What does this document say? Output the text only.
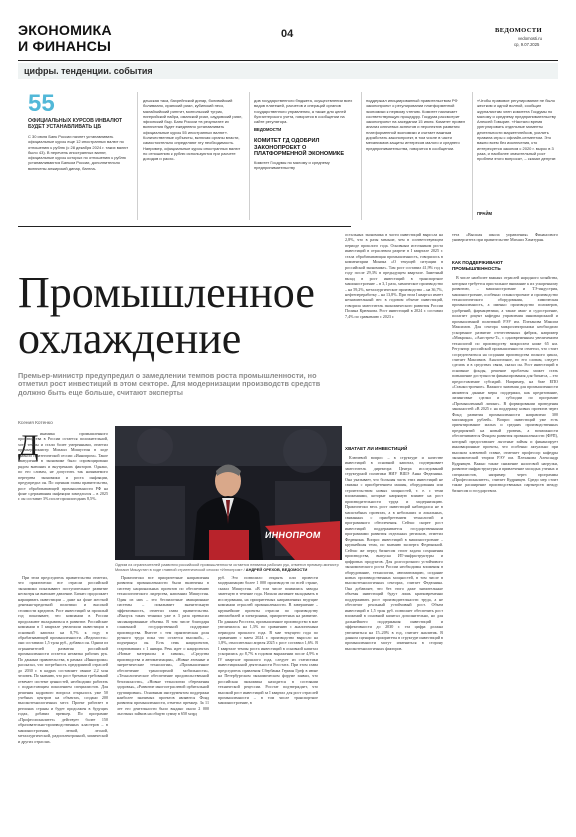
ЭКОНОМИКА
И ФИНАНСЫ
04	ВЕДОМОСТИ
vedomosti.ru
ср, 9.07.2025
цифры. тенденции. события
55
ОФИЦИАЛЬНЫХ КУРСОВ ИНВАЛЮТ БУДЕТ УСТАНАВЛИВАТЬ ЦБ
С 30 июля Банк России начнет устанавливать официальные курсы еще 12 иностранных валют по отношению к рублю (с 28 декабря 2024 г. таких валют было 43). В перечень иностранных валют, официальные курсы которых по отношению к рублю устанавливаются Банком России, дополнительно включены алжирский динар, бангла-
дешская така, бахрейнский динар, боливийский боливиано, иранский риал, кубинский песо, малайзийский ринггит, монгольский тугрик, нигерийский найра, оманский риал, саудовский риял, эфиопский быр. Банк России «в результате их включения будет ежедневно устанавливать официальные курсы 55 иностранных валют». Количественные субъекты, включая органы власти, самостоятельно определяют эту необходимость. Например, официальные курсы иностранных валют по отношению к рублю используются при расчете доходов и расхо-
дов государственного бюджета, осуществлении всех видов платежей, расчетов и операций органов государственного управления, а также для целей бухгалтерского учета, говорится в сообщении на сайте регулятора.
ВЕДОМОСТИ
КОМИТЕТ ГД ОДОБРИЛ ЗАКОНОПРОЕКТ О ПЛАТФОРМЕННОЙ ЭКОНОМИКЕ
Комитет Госдумы по малому и среднему предпринимательству
поддержал инициированный правительством РФ законопроект о регулировании платформенной экономики к первому чтению. Комитет назначает соответствующую процедуру. Госдума рассмотрит законопроект на заседании 15 июля. Комитет провел анализ ключевых аспектов и перспектив развития платформенной экономики и считает важным доработать законопроект, в том числе в части механизмов защиты интересов малого и среднего предпринимательства, говорится в сообщении.
«Чтобы правовое регулирование не было жестким и одной волной, сообщил журналистам член комитета Госдумы по малому и среднему предпринимательству Алексей Говырин. «Настало время урегулировать отдельные моменты деятельности маркетплейсов, усилить правила игры с офлайн-сегментом. Это важно всем без исключения, кто интересуется законом с 2020 г. вырос в 3 раза, и наиболее значительный рост проблем этого вопроса», – сказал депутат.
ПРАЙМ
Промышленное
охлаждение
Премьер-министр предупредил о замедлении темпов роста промышленности, но отметил рост инвестиций в этом секторе. Для модернизации производств средств должно быть еще больше, считают эксперты
Ксения Котенко
Д инамика промышленного производства в России остается положительной, хотя темпы и стали более умеренными, отметил премьер-министр Михаил Мишустин в ходе главной стратегической сессии «Иннопром». Такое замедление в экономике было спровоцировано рядом внешних и внутренних факторов. Однако, по его словам, не допустить так называемого перегрева экономики и роста инфляции, предупредил он. По оценкам главы правительства, рост обрабатывающей промышленности РФ на фоне сдерживания инфляции замедлился – в 2025 г. он составит 3% после прошлогодних 8,5%.
ИННОПРОМ
Одним из ограничителей развития российской промышленности остается нехватка рабочих рук, отметил премьер-министр Михаил Мишустин в ходе главной стратегической сессии «Иннопром» / АНДРЕЙ ОРЕХОВ, ВЕДОМОСТИ
При этом председатель правительства отметил, что практически все отрасли российской экономики показывают поступательное развитие несмотря на внешнее давление. Бизнес продолжает наращивать инвестиции – даже на фоне жесткой денежно-кредитной политики и высокой стоимости кредитов. Рост инвестиций за прошлый год показывает, что компании в России продолжают вкладываться в развитие. Российские компании в I квартале увеличили инвестиции в основной капитал на 8,7% к году в обрабатывающей промышленности. «Ведомости»: они составили 1,5 трлн руб., добавил он. Одним из ограничителей развития российской промышленности остается нехватка рабочих рук. По данным правительства, в рамках «Иннопрома» рассказал, что потребность предприятий отраслей до 2030 г. в кадрах составляет свыше 2,2 млн человек. По мнению, что рост бремени требований отвечает системе ценностей, необходимо работать с подрастающим поколением специалистов. Для решения кадрового вопроса открылось уже 50 учебных центров на объектах, создано 200 высокотехнологичных мест. Проект работает в регионах страны и будет продолжен в будущих годах, добавил премьер. По программе «Профессионалитет» действует более 150 образовательно-производственных кластеров – в машиностроении, легкой, лесной, металлургической, радиоэлектронной, химической и других отраслях.
Практически все приоритетные направления развития промышленности были включены в систему национальных проектов по обеспечению технологического лидерства, напомнил Мишустин. Один из них – это беспилотные авиационные системы – показывает значительную эффективность, отметил глава правительства. «Выпуск таких техники уже в 3 раза превысил запланированные объемы. В том числе благодаря слаженной государственной поддержке производства. Вместе с тем практическая доля ручного труда пока что остается высокой», – подчеркнул он. Есть семь нацпроектов, стартовавших с 1 января. Речь идет о нацпроектах «Новые материалы и химия», «Средства производства и автоматизации», «Новые атомные и энергетические технологии», «Промышленное обеспечение транспортной мобильности», «Технологическое обеспечение продовольственной безопасности», «Новые технологии сбережения здоровья», «Развитие многоотраслевой орбитальной группировки». Основным инструментом поддержки наиболее значимых проектов являются Фонд развития промышленности, отметил премьер. За 11 лет его деятельности было выдано около 2 000 льготных займов на общую сумму в 650 млрд
руб. Это позволило открыть или провести модернизацию более 1 000 производств по всей стране, сказал Мишустин. «В том числе появились заводы заметную в течение года. Начали активнее вкладывать в исследования, на приоритетных направлениях ведущие компании отраслей промышленности. В завершение – крупнейшие проекты отрасли по производству автомобилей и электроники, приоритетных на развитие. По данным Росстата, промышленное производство в мае увеличилось на 1,3% по сравнению с аналогичным периодом прошлого года. В мае текущего года по сравнению с маем 2024 г. производство выросло на 1,8%, относительно апреля 2025 г. рост составил 1,6%. В I квартале темпы роста инвестиций в основной капитал ускорились до 8,7% в годовом выражении после 4,9% в IV квартале прошлого года, следует из статистики инвестиционной деятельности Росстата. При этом глава председатель правления Сбербанка Герман Греф в июне на Петербургском экономическом форуме заявил, что российская экономика находится в состоянии технической рецессии. Росстат подтверждает, что высокий рост инвестиций за I квартал для рост отраслей промышленности – в том числе транспортное машиностроение, в
остальных экономика в части инвестиций выросла на 2,8%, что в разы меньше, чем в соответствующем периоде прошлого года. Основным источником роста инвестиций в отраслевом разрезе в I квартале 2025 г. стала обрабатывающая промышленность, говорилось в комментарии Минэка «О текущей ситуации в российской экономике». Там рост составил 41,9% год к году после 29,3% в предыдущем квартале. Заметный вклад в рост инвестиций в транспортное машиностроение – в 3,1 раза, химическое производство – на 59,2%, металлургическое производство – на 36,7%, нефтепереработку – на 13,8%. При этом I квартал имеет незначительный вес в годовом объеме инвестиций, говорила заместитель экономического развития России Полина Крючкова. Рост инвестиций в 2024 г. составил 7,4% по сравнению с 2023 г.
ХВАТАЕТ ЛИ ИНВЕСТИЦИЙ
Ключевой вопрос – в структуре и качестве инвестиций в основной капитал, подчеркивает заместитель директора Центра исследований структурной политики НИУ ВШЭ Анна Федюнина. Она указывает, что большая часть этих инвестиций не связана с приобретением машин, оборудования или строительством новых мощностей, т. е. с теми вложениями, которые напрямую влияют на рост производительности труда и модернизацию. Практически весь рост инвестиций наблюдался не в масштабных проектах, а в небольших и локальных, связанных с приобретением технологий и программного обеспечения. Сейчас скорее рост инвестиций поддерживается государственными программами развития отдельных регионов, отметил Федюнина. Вопрос инвестиций в машиностроение – крупнейшая тема, по мнению эксперта Федюниной. Сейчас же перед бизнесом стоит задача сохранения производства, выпуска ИТ-инфраструктуры и цифровых продуктов. Для долгосрочного устойчивого экономического роста России необходимы вложения в оборудование, технологии, автоматизацию, создание новых производственных мощностей, в том числе в высокотехнологичных секторах, считает Федюнина. Она добавляет, что без этого даже значительные объемы инвестиций будут лишь кратковременно поддерживать рост производительности труда, а не обеспечат реальный устойчивый рост. Объем инвестиций в 1,5 трлн руб. позволяет обеспечить рост вложений в основной капитал дополнительно, но для дальнейшего поддержания инвестиций и эффективности до 2030 г. эта цифра должна увеличиться на 15–20% в год, считает аналитик. В данном сценарии приоритеты в структуре инвестиций в промышленности могут измениться в сторону высокотехнологичных факторов.
тета «Высшая школа управления» Финансового университета при правительстве Михаил Хачатурян.
КАК ПОДДЕРЖИВАЮТ ПРОМЫШЛЕННОСТЬ
В числе наиболее важных отраслей народного хозяйства, которым требуется пристальное внимание к их ускоренному развитию, – машиностроение и ТЭ-индустрия, машиностроение, особенно станкостроение и производство технологического оборудования, химическая промышленность, а именно производство полимеров, удобрений, фармацевтики, а также авиа- и судостроение, полагает доцент кафедры управления инновационной и промышленной политикой РЭУ им. Плеханова Максим Максимов. Для сектора микроэлектроники необходимо ускоренное развитие отечественных фабрик, например «Микрона», «Ангстрем-Т», с одновременным увеличением технологий по производству микросхем ниже 65 нм. Регулятор российской промышленности отметил, что стоит сосредоточиться на создании производства полного цикла, считает Максимов. Аналогичное, по его словам, следует сделать и в средствах связи, сказал он. Рост инвестиций в основные фонды, решение проблемы может стать повышение доступности финансирования для бизнеса, – это предоставление субсидий. Например, на базе ЕПО «Станкостроение». Важного значения для промышленности являются данные меры поддержки, как кредитование, лизинговые сделки и субсидии по программе «Промышленный лизинг». В формировании проведения законностей «В 2025 г. на поддержку новых проектов через Фонд развития промышленности направлено 300 миллиардов рублей». Вопрос инвестиций уже есть ориентирование малых и средних производственных предприятий на новый уровень, а возможности обеспечиваются Фондом развития промышленности (ФРП), который предоставляет льготные займы и финансирует инновационные проекты, что особенно актуально при высоком ключевой ставке, отмечает профессор кафедры экономической теории РЭУ им. Плеханова Александр Кудрявцев. Важно также снижение налоговой нагрузки, развитие инфраструктуры и привлечение молодых ученых и специалистов, например через программы «Профессионалитет», считает Кудрявцев. Среди мер стоит также расширение производственных партнерств между бизнесом и государством.
